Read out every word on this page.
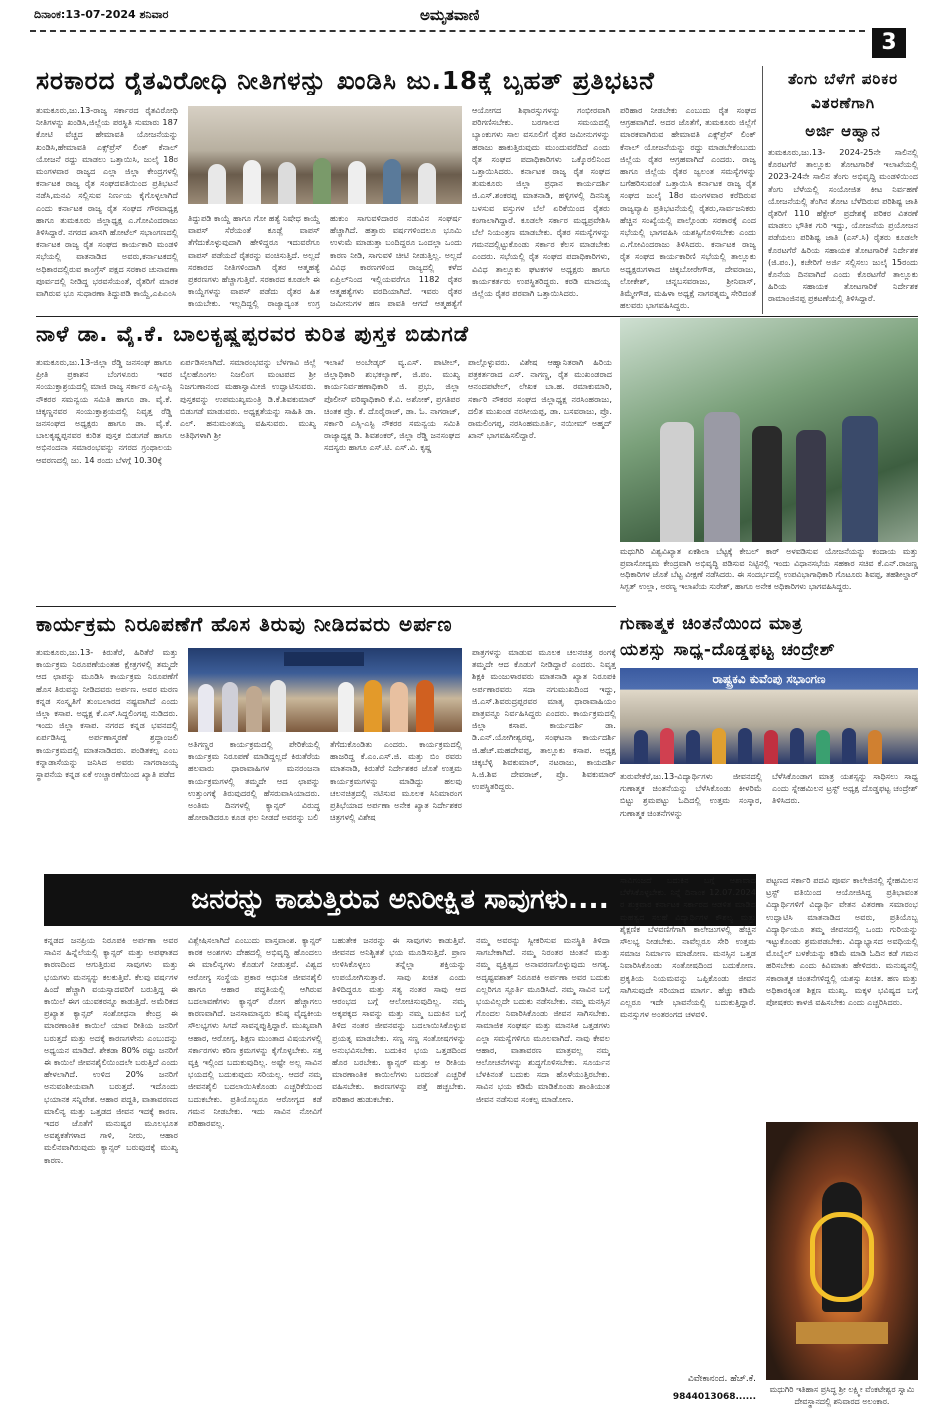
ದಿನಾಂಕ:13-07-2024 ಶನಿವಾರ	ಅಮೃತವಾಣಿ
3
ಸರಕಾರದ ರೈತವಿರೋಧಿ ನೀತಿಗಳನ್ನು ಖಂಡಿಸಿ ಜು.18ಕ್ಕೆ ಬೃಹತ್ ಪ್ರತಿಭಟನೆ
ತುಮಕೂರು,ಜು.13-ರಾಜ್ಯ ಸರ್ಕಾರದ ರೈತವಿರೋಧಿ ನೀತಿಗಳನ್ನು ಖಂಡಿಸಿ,ಜಿಲ್ಲೆಯ ಪರಸ್ಥಿತಿ ಸುಮಾರು 187 ಕೋಟಿ ವೆಚ್ಚದ ಹೇಮಾವತಿ ಯೋಜನೆಯನ್ನು ಖಂಡಿಸಿ,ಹೇಮಾವತಿ ಎಕ್ಸ್‌ಪ್ರೆಸ್ ಲಿಂಕ್ ಕೆನಾಲ್ ಯೋಜನೆ ರದ್ದು ಮಾಡಲು ಒತ್ತಾಯಿಸಿ, ಜುಲೈ 18ರ ಮಂಗಳವಾರ ರಾಜ್ಯದ ಎಲ್ಲಾ ಜಿಲ್ಲಾ ಕೇಂದ್ರಗಳಲ್ಲಿ ಕರ್ನಾಟಕ ರಾಜ್ಯ ರೈತ ಸಂಘದವತಿಯಿಂದ ಪ್ರತಿಭಟನೆ ನಡೆಸಿ,ಮನವಿ ಸಲ್ಲಿಸುವ ನಿರ್ಣಯ ಕೈಗೊಳ್ಳಲಾಗಿದೆ ಎಂದು ಕರ್ನಾಟಕ ರಾಜ್ಯ ರೈತ ಸಂಘದ ಗೌರವಾಧ್ಯಕ್ಷ ಹಾಗೂ ತುಮಕೂರು ಜಿಲ್ಲಾಧ್ಯಕ್ಷ ಎ.ಗೋವಿಂದರಾಜು ತಿಳಿಸಿದ್ದಾರೆ. ನಗರದ ಖಾಸಗಿ ಹೋಟೆಲ್ ಸಭಾಂಗಣದಲ್ಲಿ ಕರ್ನಾಟಕ ರಾಜ್ಯ ರೈತ ಸಂಘದ ಕಾರ್ಯಕಾರಿ ಮಂಡಳಿ ಸಭೆಯಲ್ಲಿ ವಾತನಾಡಿದ ಅವರು,ಕರ್ನಾಟಕದಲ್ಲಿ ಅಧಿಕಾರದಲ್ಲಿರುವ ಕಾಂಗ್ರೆಸ್ ಪಕ್ಷದ ಸರಕಾರ ಚುನಾವಣಾ ಪೂರ್ವದಲ್ಲಿ ನೀಡಿದ್ದ ಭರವಸೆಯಂತೆ, ರೈತರಿಗೆ ಮಾರಕ ವಾಗಿರುವ ಭೂ ಸುಧಾರಣಾ ತಿದ್ದುಪಡಿ ಕಾಯ್ದೆ,ಎಪಿಎಂಸಿ
ತಿದ್ದುಪಡಿ ಕಾಯ್ದೆ ಹಾಗೂ ಗೋ ಹತ್ಯೆ ನಿಷೇಧ ಕಾಯ್ದೆ ವಾಪಸ್ ಸೆರೆಯಂತೆ ಕೂಡ್ಲೆ ವಾಪಸ್ ತೆಗೆದುಕೊಳ್ಳುವುದಾಗಿ ಹೇಳಿದ್ದರೂ ಇದುವರೆಗೂ ವಾಪಸ್ ಪಡೆಯದೆ ರೈತರನ್ನು ವಂಚಿಸುತ್ತಿದೆ. ಅಲ್ಲದೆ ಸರಕಾರದ ನೀತಿಗಳಿಂದಾಗಿ ರೈತರ ಆತ್ಮಹತ್ಯೆ ಪ್ರಕರಣಗಳು ಹೆಚ್ಚಾಗುತ್ತಿವೆ. ಸರಕಾರದ ಕೂಡಲೇ ಈ ಕಾಯ್ದೆಗಳನ್ನು ವಾಪಸ್ ಪಡೆದು ರೈತರ ಹಿತ ಕಾಯಬೇಕು. ಇಲ್ಲದಿದ್ದಲ್ಲಿ ರಾಜ್ಯಾದ್ಯಂತ ಉಗ್ರ
ಹುಕುಂ ಸಾಗುವಳಿದಾರರ ನಡುವಿನ ಸಂಘರ್ಷ ಹೆಚ್ಚಾಗಿದೆ. ಹತ್ತಾರು ವರ್ಷಗಳಿಂದಲೂ ಭೂಮಿ ಉಳುಮೆ ಮಾಡುತ್ತಾ ಬಂದಿದ್ದರೂ ಒಂದಲ್ಲಾ ಒಂದು ಕಾರಣ ನೀಡಿ, ಸಾಗುವಳಿ ಚೀಟಿ ನೀಡುತ್ತಿಲ್ಲ. ಅಲ್ಲದೆ ವಿವಿಧ ಕಾರಣಗಳಿಂದ ರಾಜ್ಯದಲ್ಲಿ ಕಳೆದ ಏಪ್ರಿಲ್‌ನಿಂದ ಇಲ್ಲಿಯವರೆಗೂ 1182 ರೈತರ ಆತ್ಮಹತ್ಯೆಗಳು ವರದಿಯಾಗಿದೆ. ಇವರು ರೈತರ ಜಮೀನುಗಳ ಹಣ ಪಾವತಿ ಆಗದೆ ಆತ್ಮಹತ್ಯೆಗೆ
ಆಯೋಗದ ಶಿಫಾರಸ್ಸುಗಳನ್ನು ಗಂಭೀರವಾಗಿ ಪರಿಗಣಿಸಬೇಕು. ಬರಗಾಲದ ಸಮಯದಲ್ಲಿ ಬ್ಯಾಂಕುಗಳು ಸಾಲ ವಸೂಲಿಗೆ ರೈತರ ಜಮೀನುಗಳನ್ನು ಹರಾಜು ಹಾಕುತ್ತಿರುವುದು ಮುಂದುವರೆದಿದೆ ಎಂದು ರೈತ ಸಂಘದ ಪದಾಧಿಕಾರಿಗಳು ಒಕ್ಕೊರಲಿನಿಂದ ಒತ್ತಾಯಿಸಿದರು. ಕರ್ನಾಟಕ ರಾಜ್ಯ ರೈತ ಸಂಘದ ತುಮಕೂರು ಜಿಲ್ಲಾ ಪ್ರಧಾನ ಕಾರ್ಯದರ್ಶಿ ಜಿ.ಎಸ್.ಶಂಕರಪ್ಪ ಮಾತನಾಡಿ, ಹಳ್ಳಿಗಳಲ್ಲಿ ದಿನನಿತ್ಯ ಬಳಸುವ ವಸ್ತುಗಳ ಬೆಲೆ ಏರಿಕೆಯಿಂದ ರೈತರು ಕಂಗಾಲಾಗಿದ್ದಾರೆ. ಕೂಡಲೇ ಸರ್ಕಾರ ಮಧ್ಯಪ್ರವೇಶಿಸಿ ಬೆಲೆ ನಿಯಂತ್ರಣ ಮಾಡಬೇಕು. ರೈತರ ಸಮಸ್ಯೆಗಳನ್ನು ಗಮನದಲ್ಲಿಟ್ಟುಕೊಂಡು ಸರ್ಕಾರ ಕೆಲಸ ಮಾಡಬೇಕು ಎಂದರು. ಸಭೆಯಲ್ಲಿ ರೈತ ಸಂಘದ ಪದಾಧಿಕಾರಿಗಳು, ವಿವಿಧ ತಾಲ್ಲೂಕು ಘಟಕಗಳ ಅಧ್ಯಕ್ಷರು ಹಾಗೂ ಕಾರ್ಯಕರ್ತರು ಉಪಸ್ಥಿತರಿದ್ದರು. ಕರಡಿ ಮಾದಯ್ಯ ಜಿಲ್ಲೆಯ ರೈತರ ಪರವಾಗಿ ಒತ್ತಾಯಿಸಿದರು.
ಪರಿಹಾರ ನೀಡಬೇಕು ಎಂಬುದು ರೈತ ಸಂಘದ ಆಗ್ರಹವಾಗಿದೆ. ಅದರ ಜೊತೆಗೆ, ತುಮಕೂರು ಜಿಲ್ಲೆಗೆ ಮಾರಕವಾಗಿರುವ ಹೇಮಾವತಿ ಎಕ್ಸ್‌ಪ್ರೆಸ್ ಲಿಂಕ್ ಕೆನಾಲ್ ಯೋಜನೆಯನ್ನು ರದ್ದು ಮಾಡಬೇಕೆಂಬುದು ಜಿಲ್ಲೆಯ ರೈತರ ಆಗ್ರಹವಾಗಿದೆ ಎಂದರು. ರಾಜ್ಯ ಹಾಗೂ ಜಿಲ್ಲೆಯ ರೈತರ ಜ್ವಲಂತ ಸಮಸ್ಯೆಗಳನ್ನು ಬಗೆಹರಿಸುವಂತೆ ಒತ್ತಾಯಿಸಿ ಕರ್ನಾಟಕ ರಾಜ್ಯ ರೈತ ಸಂಘದ ಜುಲೈ 18ರ ಮಂಗಳವಾರ ಕರೆದಿರುವ ರಾಜ್ಯವ್ಯಾಪಿ ಪ್ರತಿಭಟನೆಯಲ್ಲಿ ರೈತರು,ಸಾರ್ವಜನಿಕರು ಹೆಚ್ಚಿನ ಸಂಖ್ಯೆಯಲ್ಲಿ ಪಾಲ್ಗೊಂಡು ಸರಕಾರಕ್ಕೆ ಎಂದ ಸಭೆಯಲ್ಲಿ ಭಾಗವಹಿಸಿ ಯಶಸ್ವಿಗೊಳಿಸಬೇಕು ಎಂದು ಎ.ಗೋವಿಂದರಾಜು ತಿಳಿಸಿದರು. ಕರ್ನಾಟಕ ರಾಜ್ಯ ರೈತ ಸಂಘದ ಕಾರ್ಯಕಾರಿಣಿ ಸಭೆಯಲ್ಲಿ ತಾಲ್ಲೂಕು ಅಧ್ಯಕ್ಷರುಗಳಾದ ಚಿಕ್ಕಬೋರೇಗೌಡ, ದೇವರಾಜು, ಲೋಕೇಶ್, ಚನ್ನಬಸವರಾಜು, ಶ್ರೀನಿವಾಸ್, ತಿಮ್ಮೇಗೌಡ, ಮಹಿಳಾ ಅಧ್ಯಕ್ಷೆ ನಾಗರತ್ನಮ್ಮ ಸೇರಿದಂತೆ ಹಲವರು ಭಾಗವಹಿಸಿದ್ದರು.
ತೆಂಗು ಬೆಳೆಗೆ ಪರಿಕರ
ವಿತರಣೆಗಾಗಿ
ಅರ್ಜಿ ಆಹ್ವಾನ
ತುಮಕೂರು,ಜು.13- 2024-25ನೇ ಸಾಲಿನಲ್ಲಿ ಕೊರಟಗೆರೆ ತಾಲ್ಲೂಕು ತೋಟಗಾರಿಕೆ ಇಲಾಖೆಯಲ್ಲಿ 2023-24ನೇ ಸಾಲಿನ ತೆಂಗು ಅಭಿವೃದ್ಧಿ ಮಂಡಳಿಯಿಂದ ತೆಂಗು ಬೆಳೆಯಲ್ಲಿ ಸಂಯೋಜಿತ ಕೀಟ ನಿರ್ವಹಣೆ ಯೋಜನೆಯಲ್ಲಿ ತೆಂಗಿನ ತೋಟ ಬೆಳೆದಿರುವ ಪರಿಶಿಷ್ಟ ಜಾತಿ ರೈತರಿಗೆ 110 ಹೆಕ್ಟೇರ್ ಪ್ರದೇಶಕ್ಕೆ ಪರಿಕರ ವಿತರಣೆ ಮಾಡಲು ಭೌತಿಕ ಗುರಿ ಇದ್ದು, ಯೋಜನೆಯ ಪ್ರಯೋಜನ ಪಡೆಯಲು ಪರಿಶಿಷ್ಟ ಜಾತಿ (ಎಸ್.ಸಿ) ರೈತರು ಕೂಡಲೇ ಕೊರಟಗೆರೆ ಹಿರಿಯ ಸಹಾಯಕ ತೋಟಗಾರಿಕೆ ನಿರ್ದೇಶಕ (ಜಿ.ಪಂ.), ಕಚೇರಿಗೆ ಅರ್ಜಿ ಸಲ್ಲಿಸಲು ಜುಲೈ 15ರಂದು ಕೊನೆಯ ದಿನವಾಗಿದೆ ಎಂದು ಕೊರಟಗೆರೆ ತಾಲ್ಲೂಕು ಹಿರಿಯ ಸಹಾಯಕ ತೋಟಗಾರಿಕೆ ನಿರ್ದೇಶಕ ರಾಮಾಂಜಿನಪ್ಪ ಪ್ರಕಟಣೆಯಲ್ಲಿ ತಿಳಿಸಿದ್ದಾರೆ.
ನಾಳೆ ಡಾ. ವೈ.ಕೆ. ಬಾಲಕೃಷ್ಣಪ್ಪರವರ ಕುರಿತ ಪುಸ್ತಕ ಬಿಡುಗಡೆ
ತುಮಕೂರು,ಜು.13-ಜಿಲ್ಲಾ ರೆಡ್ಡಿ ಜನಸಂಘ ಹಾಗೂ ಪ್ರೀತಿ ಪ್ರಕಾಶನ ಬೆಂಗಳೂರು ಇವರ ಸಂಯುಕ್ತಾಶ್ರಯದಲ್ಲಿ ಮಾಜಿ ರಾಜ್ಯ ಸರ್ಕಾರ ಎಸ್ಸಿ-ಎಸ್ಟಿ ನೌಕರರ ಸಮನ್ವಯ ಸಮಿತಿ ಹಾಗೂ ಡಾ. ವೈ.ಕೆ. ಚಿಕ್ಕಣ್ಣನವರ ಸಂಯುಕ್ತಾಶ್ರಯದಲ್ಲಿ ನಿವೃತ್ತ ರೆಡ್ಡಿ ಜನಸಂಘದ ಅಧ್ಯಕ್ಷರು ಹಾಗೂ ಡಾ. ವೈ.ಕೆ. ಬಾಲಕೃಷ್ಣಪ್ಪನವರ ಕುರಿತ ಪುಸ್ತಕ ಬಿಡುಗಡೆ ಹಾಗೂ ಅಭಿನಂದನಾ ಸಮಾರಂಭವನ್ನು ನಗರದ ಗ್ರಂಥಾಲಯ ಆವರಣದಲ್ಲಿ ಜು. 14 ರಂದು ಬೆಳಗ್ಗೆ 10.30ಕ್ಕೆ
ಏರ್ಪಡಿಸಲಾಗಿದೆ. ಸಮಾರಂಭವನ್ನು ಬೆಳಗಾವಿ ಜಿಲ್ಲೆ ಬೈಲಹೊಂಗಲ ನಿಜಲಿಂಗ ಮಂಟಪದ ಶ್ರೀ ನಿಜಗುಣಾನಂದ ಮಹಾಸ್ವಾಮೀಜಿ ಉದ್ಘಾಟಿಸುವರು. ಪುಸ್ತಕವನ್ನು ಉಪಮುಖ್ಯಮಂತ್ರಿ ಡಿ.ಕೆ.ಶಿವಕುಮಾರ್ ಬಿಡುಗಡೆ ಮಾಡುವರು. ಅಧ್ಯಕ್ಷತೆಯನ್ನು ಸಾಹಿತಿ ಡಾ. ಎಲ್. ಹನುಮಂತಯ್ಯ ವಹಿಸುವರು. ಮುಖ್ಯ ಅತಿಥಿಗಳಾಗಿ ಶ್ರೀ
ಇಲಾಖೆ ಅಂಬೇಡ್ಕರ್ ವ್ಯ.ಎಸ್. ಪಾಟೀಲ್, ಜಿಲ್ಲಾಧಿಕಾರಿ ಶುಭಕಲ್ಯಾಣ್, ಜಿ.ಪಂ. ಮುಖ್ಯ ಕಾರ್ಯನಿರ್ವಹಣಾಧಿಕಾರಿ ಜಿ. ಪ್ರಭು, ಜಿಲ್ಲಾ ಪೊಲೀಸ್ ವರಿಷ್ಠಾಧಿಕಾರಿ ಕೆ.ವಿ. ಅಶೋಕ್, ಪ್ರಗತಿಪರ ಚಿಂತಕ ಪ್ರೊ. ಕೆ. ದೊರೈರಾಜ್, ಡಾ. ಓ. ನಾಗರಾಜ್, ಸರ್ಕಾರಿ ಎಸ್ಸಿ-ಎಸ್ಟಿ ನೌಕರರ ಸಮನ್ವಯ ಸಮಿತಿ ರಾಜ್ಯಾಧ್ಯಕ್ಷ ಡಿ. ಶಿವಶಂಕರ್, ಜಿಲ್ಲಾ ರೆಡ್ಡಿ ಜನಸಂಘದ ಸದಸ್ಯರು ಹಾಗೂ ಎಸ್.ಟಿ. ಎಸ್.ವಿ. ಕೃಷ್ಣ
ಪಾಲ್ಗೊಳ್ಳುವರು. ವಿಶೇಷ ಆಹ್ವಾನಿತರಾಗಿ ಹಿರಿಯ ಪತ್ರಕರ್ತರಾದ ಎಸ್. ನಾಗಣ್ಣ, ರೈತ ಮುಖಂಡರಾದ ಆನಂದಪಟೇಲ್, ಲೇಖಕ ಬಾ.ಹ. ರಮಾಕುಮಾರಿ, ಸರ್ಕಾರಿ ನೌಕರರ ಸಂಘದ ಜಿಲ್ಲಾಧ್ಯಕ್ಷ ನರಸಿಂಹರಾಜು, ದಲಿತ ಮುಖಂಡ ನರಸೀಯಪ್ಪ, ಡಾ. ಬಸವರಾಜು, ಪ್ರೊ. ರಾಮಲಿಂಗಪ್ಪ, ನರಸಿಂಹಮೂರ್ತಿ, ನಯೀಮ್ ಅಹ್ಮದ್ ಖಾನ್ ಭಾಗವಹಿಸಲಿದ್ದಾರೆ.
ಮಧುಗಿರಿ ವಿಶ್ವವಿಖ್ಯಾತ ಏಕಶಿಲಾ ಬೆಟ್ಟಕ್ಕೆ ಕೇಬಲ್ ಕಾರ್ ಅಳವಡಿಸುವ ಯೋಜನೆಯನ್ನು ಕಂದಾಯ ಮತ್ತು ಪ್ರವಾಸೋದ್ಯಮ ಕೇಂದ್ರವಾಗಿ ಅಭಿವೃದ್ಧಿ ಪಡಿಸುವ ನಿಟ್ಟಿನಲ್ಲಿ ಇಂದು ವಿಧಾನಸಭೆಯ ಸಹಕಾರ ಸಚಿವ ಕೆ.ಎನ್.ರಾಜಣ್ಣ ಅಧಿಕಾರಿಗಳ ಜೊತೆ ಬೆಟ್ಟ ವೀಕ್ಷಣೆ ನಡೆಸಿದರು. ಈ ಸಂದರ್ಭದಲ್ಲಿ ಉಪವಿಭಾಗಾಧಿಕಾರಿ ಗೊಟೂರು ಶಿವಪ್ಪ, ತಹಶೀಲ್ದಾರ್ ಸಿಗ್ಬತ್ ಉಲ್ಲಾ, ಅರಣ್ಯ ಇಲಾಖೆಯ ಸುರೇಶ್, ಹಾಗೂ ಅನೇಕ ಅಧಿಕಾರಿಗಳು ಭಾಗವಹಿಸಿದ್ದರು.
ಕಾರ್ಯಕ್ರಮ ನಿರೂಪಣೆಗೆ ಹೊಸ ತಿರುವು ನೀಡಿದವರು ಅರ್ಪಣ
ತುಮಕೂರು,ಜು.13- ಕಿರುತೆರೆ, ಹಿರಿತೆರೆ ಮತ್ತು ಕಾರ್ಯಕ್ರಮ ನಿರೂಪಣೆಯಂತಹ ಕ್ಷೇತ್ರಗಳಲ್ಲಿ ತಮ್ಮದೇ ಆದ ಛಾಪನ್ನು ಮೂಡಿಸಿ ಕಾರ್ಯಕ್ರಮ ನಿರೂಪಣೆಗೆ ಹೊಸ ತಿರುವನ್ನು ನೀಡಿದವರು ಅರ್ಪಣ. ಅವರ ಮರಣ ಕನ್ನಡ ಸಂಸ್ಕೃತಿಗೆ ತುಂಬಲಾರದ ನಷ್ಟವಾಗಿದೆ ಎಂದು ಜಿಲ್ಲಾ ಕಸಾಪ. ಅಧ್ಯಕ್ಷ ಕೆ.ಎಸ್.ಸಿದ್ದಲಿಂಗಪ್ಪ ನುಡಿದರು. ಇಂದು ಜಿಲ್ಲಾ ಕಸಾಪ. ನಗರದ ಕನ್ನಡ ಭವನದಲ್ಲಿ ಏರ್ಪಡಿಸಿದ್ದ ಅರ್ಪಣಾಸ್ಮರಣೆ ಶ್ರದ್ಧಾಂಜಲಿ ಕಾರ್ಯಕ್ರಮದಲ್ಲಿ ಮಾತನಾಡಿದರು. ಪಂಡಿತಕಲ್ಪ ಎಂಬ ಕನ್ನಾಡಾಸೆಯನ್ನು ಜನಿಸಿದ ಅವರು ನಾಗರಾಜಯ್ಯ ಸ್ಥಾಪನೆಯ ಕನ್ನಡ ಏಕೆ ಉಚ್ಚಾರಣೆಯಿಂದ ಖ್ಯಾತಿ ಪಡೆದ
ಅತಿಗಣ್ಣರ ಕಾರ್ಯಕ್ರಮದಲ್ಲಿ ಪೇರಿಕೆಯಲ್ಲಿ ಕಾರ್ಯಕ್ರಮ ನಿರೂಪಣೆ ಮಾಡಿದ್ದಲ್ಲದೆ ಕಿರುತೆರೆಯ ಹಲವಾರು ಧಾರಾವಾಹಿಗಳ ಮನರಂಜನಾ ಕಾರ್ಯಕ್ರಮಗಳಲ್ಲಿ ತಮ್ಮದೇ ಆದ ಛಾಪನ್ನು ಉತ್ತುಂಗಕ್ಕೆ ತಿರುವುದರಲ್ಲಿ ಹೆಸರುವಾಸಿಯಾದರು. ಅಂತಿಮ ದಿನಗಳಲ್ಲಿ ಕ್ಯಾನ್ಸರ್ ವಿರುದ್ಧ ಹೋರಾಡಿದರೂ ಕೂಡ ಫಲ ನೀಡದೆ ಅವರನ್ನು ಬಲಿ
ತೆಗೆದುಕೊಂಡಿತು ಎಂದರು. ಕಾರ್ಯಕ್ರಮದಲ್ಲಿ ಹಾಜರಿದ್ದ ಕೆ.ಎಂ.ಎಸ್.ಜಿ. ಮತ್ತು ಬಿಂ ರವರು ಮಾತನಾಡಿ, ಕಿರುತೆರೆ ನಿರ್ದೇಶಕರ ಜೊತೆ ಉತ್ತಮ ಕಾರ್ಯಕ್ರಮಗಳನ್ನು ಮಾಡಿದ್ದು ಹಲವು ಚಲನಚಿತ್ರದಲ್ಲಿ ನಟಿಸುವ ಮೂಲಕ ಸಿನಿಮಾರಂಗ ಪ್ರತಿಭೆಯಾದ ಅರ್ಪಣಾ ಅನೇಕ ಖ್ಯಾತ ನಿರ್ದೇಶಕರ ಚಿತ್ರಗಳಲ್ಲಿ ವಿಶೇಷ
ಪಾತ್ರಗಳನ್ನು ಮಾಡುವ ಮೂಲಕ ಚಲನಚಿತ್ರ ರಂಗಕ್ಕೆ ತಮ್ಮದೇ ಆದ ಕೊಡುಗೆ ನೀಡಿದ್ದಾರೆ ಎಂದರು. ನಿವೃತ್ತ ಶಿಕ್ಷಕಿ ಮಂಜುಳಾರವರು ಮಾತನಾಡಿ ಖ್ಯಾತ ನಿರೂಪಕಿ ಅರ್ಪಣಾರವರು ಸದಾ ನಗುಮುಖದಿಂದ ಇದ್ದು, ಜಿ.ಎಸ್.ಶಿವರುದ್ರಪ್ಪರವರ ಮಾತೃ ಧಾರಾವಾಹಿಯಂ ಪಾತ್ರವನ್ನೂ ನಿರ್ವಹಿಸಿದ್ದರು ಎಂದರು. ಕಾರ್ಯಕ್ರಮದಲ್ಲಿ ಜಿಲ್ಲಾ ಕಸಾಪ. ಕಾರ್ಯದರ್ಶಿ ಡಾ. ಡಿ.ಎನ್.ಯೋಗೀಶ್ವರಪ್ಪ, ಸಂಘಟನಾ ಕಾರ್ಯದರ್ಶಿ ಜಿ.ಹೆಚ್.ಮಹದೇವಪ್ಪ, ತಾಲ್ಲೂಕು ಕಸಾಪ. ಅಧ್ಯಕ್ಷ ಚಿಕ್ಕಬೆಳ್ಳಿ ಶಿವಕುಮಾರ್, ನಟರಾಜು, ಕಾಯದರ್ಶಿ ಸಿ.ಜಿ.ಶಿವ ದೇವರಾಜ್, ಪ್ರೊ. ಶಿವಕುಮಾರ್ ಉಪಸ್ಥಿತರಿದ್ದರು.
ಗುಣಾತ್ಮಕ ಚಿಂತನೆಯಿಂದ ಮಾತ್ರ
ಯಶಸ್ಸು ಸಾಧ್ಯ-ದೊಡ್ಡಫಟ್ಟ ಚಂದ್ರೇಶ್
ರಾಷ್ಟ್ರಕವಿ ಕುವೆಂಪು ಸಭಾಂಗಣ
ತುರುವೇಕೆರೆ,ಜು.13-ವಿದ್ಯಾರ್ಥಿಗಳು ಜೀವನದಲ್ಲಿ ಗುಣಾತ್ಮಕ ಚಿಂತನೆಯನ್ನು ಬೆಳೆಸಿಕೊಂಡು ಕೀಳರಿಮೆ ಬಿಟ್ಟು ಶ್ರಮಪಟ್ಟು ಓದಿದಲ್ಲಿ ಉತ್ತಮ ಸಂಸ್ಕಾರ, ಗುಣಾತ್ಮಕ ಚಿಂತನೆಗಳನ್ನು
ಬೆಳೆಸಿಕೊಂಡಾಗ ಮಾತ್ರ ಯಶಸ್ಸನ್ನು ಸಾಧಿಸಲು ಸಾಧ್ಯ ಎಂದು ಸ್ನೇಹಮಿಲನ ಟ್ರಸ್ಟ್ ಅಧ್ಯಕ್ಷ ದೊಡ್ಡಫಟ್ಟ ಚಂದ್ರೇಶ್ ತಿಳಿಸಿದರು.
ಜನರನ್ನು ಕಾಡುತ್ತಿರುವ ಅನಿರೀಕ್ಷಿತ ಸಾವುಗಳು....
ಕನ್ನಡದ ಜನಪ್ರಿಯ ನಿರೂಪಕಿ ಅರ್ಪಣಾ ಅವರ ಸಾವಿನ ಹಿನ್ನೆಲೆಯಲ್ಲಿ ಕ್ಯಾನ್ಸರ್ ಮತ್ತು ಅಪಘಾತದ ಕಾರಣದಿಂದ ಆಗುತ್ತಿರುವ ಸಾವುಗಳು ಮತ್ತು ಭಯಗಳು ಮನಸ್ಸನ್ನು ಕಲಕುತ್ತಿವೆ. ಕೆಲವು ವರ್ಷಗಳ ಹಿಂದೆ ಹೆಚ್ಚಾಗಿ ವಯಸ್ಸಾದವರಿಗೆ ಬರುತ್ತಿದ್ದ ಈ ಕಾಯಿಲೆ ಈಗ ಯುವಕರನ್ನೂ ಕಾಡುತ್ತಿದೆ. ಅಮೆರಿಕದ ಪ್ರಖ್ಯಾತ ಕ್ಯಾನ್ಸರ್ ಸಂಶೋಧನಾ ಕೇಂದ್ರ ಈ ಮಾರಣಾಂತಿಕ ಕಾಯಿಲೆ ಯಾವ ರೀತಿಯ ಜನರಿಗೆ ಬರುತ್ತದೆ ಮತ್ತು ಅದಕ್ಕೆ ಕಾರಣಗಳೇನು ಎಂಬುದನ್ನು ಅಧ್ಯಯನ ಮಾಡಿದೆ. ಶೇಕಡಾ 80% ರಷ್ಟು ಜನರಿಗೆ ಈ ಕಾಯಿಲೆ ಜೀವನಶೈಲಿಯಿಂದಲೇ ಬರುತ್ತಿದೆ ಎಂದು ಹೇಳಲಾಗಿದೆ. ಉಳಿದ 20% ಜನರಿಗೆ ಅನುವಂಶೀಯವಾಗಿ ಬರುತ್ತದೆ. ಇದೊಂದು ಭಯಾನಕ ಸನ್ನಿವೇಶ. ಆಹಾರ ಪದ್ದತಿ, ವಾತಾವರಣದ ಮಾಲಿನ್ಯ ಮತ್ತು ಒತ್ತಡದ ಜೀವನ ಇದಕ್ಕೆ ಕಾರಣ. ಇದರ ಜೊತೆಗೆ ಮನುಷ್ಯರ ಮೂಲಭೂತ ಅವಶ್ಯಕತೆಗಳಾದ ಗಾಳಿ, ನೀರು, ಆಹಾರ ಮಲಿನವಾಗಿರುವುದು ಕ್ಯಾನ್ಸರ್ ಬರುವುದಕ್ಕೆ ಮುಖ್ಯ ಕಾರಣ.
ವಿಶ್ಲೇಷಿಸಲಾಗಿದೆ ಎಂಬುದು ವಾಸ್ತವಾಂಶ. ಕ್ಯಾನ್ಸರ್ ಕಾರಕ ಅಂಶಗಳು ದೇಹದಲ್ಲಿ ಅಭಿವೃದ್ಧಿ ಹೊಂದಲು ಈ ಮಾಲಿನ್ಯಗಳು ಕೊಡುಗೆ ನೀಡುತ್ತವೆ. ವಿಶ್ವದ ಆರೋಗ್ಯ ಸಂಸ್ಥೆಯ ಪ್ರಕಾರ ಆಧುನಿಕ ಜೀವನಶೈಲಿ ಹಾಗೂ ಆಹಾರ ಪದ್ಧತಿಯಲ್ಲಿ ಆಗಿರುವ ಬದಲಾವಣೆಗಳು ಕ್ಯಾನ್ಸರ್ ರೋಗ ಹೆಚ್ಚಾಗಲು ಕಾರಣವಾಗಿದೆ. ಜನಸಾಮಾನ್ಯರು ಕನಿಷ್ಠ ವೈದ್ಯಕೀಯ ಸೌಲಭ್ಯಗಳು ಸಿಗದೆ ಸಾವನ್ನಪ್ಪುತ್ತಿದ್ದಾರೆ. ಮುಖ್ಯವಾಗಿ ಆಹಾರ, ಆರೋಗ್ಯ, ಶಿಕ್ಷಣ ಮುಂತಾದ ವಿಷಯಗಳಲ್ಲಿ ಸರ್ಕಾರಗಳು ಕಠಿಣ ಕ್ರಮಗಳನ್ನು ಕೈಗೊಳ್ಳಬೇಕು. ಸತ್ತ ವ್ಯಕ್ತಿ ಇಲ್ಲಿಂದ ಬದುಕುವುದಿಲ್ಲ. ಅಷ್ಟೇ ಅಲ್ಲ ಸಾವಿನ ಭಯದಲ್ಲಿ ಬದುಕುವುದು ಸರಿಯಲ್ಲ. ಆದರೆ ನಮ್ಮ ಜೀವನಶೈಲಿ ಬದಲಾಯಿಸಿಕೊಂಡು ಎಚ್ಚರಿಕೆಯಿಂದ ಬದುಕಬೇಕು. ಪ್ರತಿಯೊಬ್ಬರೂ ಆರೋಗ್ಯದ ಕಡೆ ಗಮನ ನೀಡಬೇಕು. ಇದು ಸಾವಿನ ನೋವಿಗೆ ಪರಿಹಾರವಲ್ಲ.
ಬಹುತೇಕ ಜನರನ್ನು ಈ ಸಾವುಗಳು ಕಾಡುತ್ತಿವೆ. ಜೀವನದ ಅನಿಶ್ಚಿತತೆ ಭಯ ಮೂಡಿಸುತ್ತಿದೆ. ಪ್ರಾಣ ಉಳಿಸಿಕೊಳ್ಳಲು ತನ್ನೆಲ್ಲಾ ಶಕ್ತಿಯನ್ನು ಉಪಯೋಗಿಸುತ್ತಾರೆ. ಸಾವು ಖಚಿತ ಎಂದು ತಿಳಿದಿದ್ದರೂ ಮತ್ತು ಸತ್ಯ ನಂತರ ಸಾವು ಆದ ಆರಂಭದ ಬಗ್ಗೆ ಆಲೋಚಿಸುವುದಿಲ್ಲ. ನಮ್ಮ ಅಕ್ಕಪಕ್ಕದ ಸಾವನ್ನು ಮತ್ತು ನಮ್ಮ ಬದುಕಿನ ಬಗ್ಗೆ ತಿಳಿದ ನಂತರ ಜೀವನವನ್ನು ಬದಲಾಯಿಸಿಕೊಳ್ಳುವ ಪ್ರಯತ್ನ ಮಾಡಬೇಕು. ಸಣ್ಣ ಸಣ್ಣ ಸಂತೋಷಗಳನ್ನು ಅನುಭವಿಸಬೇಕು. ಬದುಕಿನ ಭಯ ಒತ್ತಡದಿಂದ ಹೊರ ಬರಬೇಕು. ಕ್ಯಾನ್ಸರ್ ಮತ್ತು ಆ ರೀತಿಯ ಮಾರಣಾಂತಿಕ ಕಾಯಿಲೆಗಳು ಬರದಂತೆ ಎಚ್ಚರಿಕೆ ವಹಿಸಬೇಕು. ಕಾರಣಗಳನ್ನು ಪತ್ತೆ ಹಚ್ಚಬೇಕು. ಪರಿಹಾರ ಹುಡುಕಬೇಕು.
ನಮ್ಮ ಅವರನ್ನು ಸ್ವೀಕರಿಸುವ ಮನಸ್ಥಿತಿ ತಿಳಿದಾ ಸಾಗಬೇಕಾಗಿದೆ. ನಮ್ಮ ನಿರಂತರ ಚಿಂತನೆ ಮತ್ತು ನಮ್ಮ ವ್ಯಕ್ತಿತ್ವದ ಅನಾವರಣಗೊಳ್ಳುವುದು ಅಗತ್ಯ. ಅದೃಷ್ಟವಶಾತ್ ನಿರೂಪಕಿ ಅರ್ಪಣಾ ಅವರ ಬದುಕು ಎಲ್ಲರಿಗೂ ಸ್ಪೂರ್ತಿ ಮೂಡಿಸಿದೆ. ನಮ್ಮ ಸಾವಿನ ಬಗ್ಗೆ ಭಯವಿಲ್ಲದೇ ಬದುಕು ನಡೆಸಬೇಕು. ನಮ್ಮ ಮನಸ್ಸಿನ ಗೊಂದಲ ನಿವಾರಿಸಿಕೊಂಡು ಜೀವನ ಸಾಗಿಸಬೇಕು. ಸಾಮಾಜಿಕ ಸಂಘರ್ಷ ಮತ್ತು ಮಾನಸಿಕ ಒತ್ತಡಗಳು ಎಲ್ಲಾ ಸಮಸ್ಯೆಗಳಿಗೂ ಮೂಲವಾಗಿದೆ. ನಾವು ಕೇವಲ ಆಹಾರ, ವಾತಾವರಣ ಮಾತ್ರವಲ್ಲ ನಮ್ಮ ಆಲೋಚನೆಗಳನ್ನು ಶುದ್ಧಗೊಳಿಸಬೇಕು. ಸೂರ್ಯನ ಬೆಳಕಿನಂತೆ ಬದುಕು ಸದಾ ಹೊಳೆಯುತ್ತಿರಬೇಕು. ಸಾವಿನ ಭಯ ಕಡಿಮೆ ಮಾಡಿಕೊಂಡು ಶಾಂತಿಯುತ ಜೀವನ ನಡೆಸುವ ಸಂಕಲ್ಪ ಮಾಡೋಣ.
ಸಾವಿಗಂಜದೆ ಬದುಕಿನ ಬಗ್ಗೆ ಆಶಾವಾದ ಬೆಳೆಸಿಕೊಳ್ಳಬೇಕು. ನಿನ್ನೆ ದಿನಾಂಕ 12.07.2024 ರ ಶುಕ್ರವಾರ ಕರ್ನಾಟಕ ಸರ್ಕಾರದ ಆಡಳಿತ ಮಾಡಿದ ಮಹತ್ವದ ಸಲಹೆ ವಿದ್ಯಾರ್ಥಿಗಳ ಕೌಶಲ್ಯ ಮತ್ತು ಶೈಕ್ಷಣಿಕ ಬೆಳವಣಿಗೆಗಾಗಿ ಕಾಲೇಜುಗಳಲ್ಲಿ ಹೆಚ್ಚಿನ ಸೌಲಭ್ಯ ನೀಡಬೇಕು. ನಾವೆಲ್ಲರೂ ಸೇರಿ ಉತ್ತಮ ಸಮಾಜ ನಿರ್ಮಾಣ ಮಾಡೋಣ. ಮನಸ್ಸಿನ ಒತ್ತಡ ನಿವಾರಿಸಿಕೊಂಡು ಸಂತೋಷದಿಂದ ಬದುಕೋಣ. ಪ್ರಕೃತಿಯ ನಿಯಮವನ್ನು ಒಪ್ಪಿಕೊಂಡು ಜೀವನ ಸಾಗಿಸುವುದೇ ಸರಿಯಾದ ಮಾರ್ಗ. ಹೆಚ್ಚು ಕಡಿಮೆ ಎಲ್ಲರೂ ಇದೇ ಭಾವನೆಯಲ್ಲಿ ಬದುಕುತ್ತಿದ್ದಾರೆ. ಮನಸ್ಸುಗಳ ಅಂತರಂಗದ ಚಳವಳಿ.
ವಿವೇಕಾನಂದ. ಹೆಚ್.ಕೆ.
9844013068......
ಪಟ್ಟಣದ ಸರ್ಕಾರಿ ಪದವಿ ಪೂರ್ವ ಕಾಲೇಜಿನಲ್ಲಿ ಸ್ನೇಹಮಿಲನ ಟ್ರಸ್ಟ್ ವತಿಯಿಂದ ಆಯೋಜಿಸಿದ್ದ ಪ್ರತಿಭಾವಂತ ವಿದ್ಯಾರ್ಥಿಗಳಿಗೆ ವಿದ್ಯಾರ್ಥಿ ವೇತನ ವಿತರಣಾ ಸಮಾರಂಭ ಉದ್ಘಾಟಿಸಿ ಮಾತನಾಡಿದ ಅವರು, ಪ್ರತಿಯೊಬ್ಬ ವಿದ್ಯಾರ್ಥಿಯೂ ತಮ್ಮ ಜೀವನದಲ್ಲಿ ಒಂದು ಗುರಿಯನ್ನು ಇಟ್ಟುಕೊಂಡು ಶ್ರಮಪಡಬೇಕು. ವಿದ್ಯಾಭ್ಯಾಸದ ಅವಧಿಯಲ್ಲಿ ಮೊಬೈಲ್ ಬಳಕೆಯನ್ನು ಕಡಿಮೆ ಮಾಡಿ ಓದಿನ ಕಡೆ ಗಮನ ಹರಿಸಬೇಕು ಎಂದು ಕಿವಿಮಾತು ಹೇಳಿದರು. ಮನುಷ್ಯನಲ್ಲಿ ಸಕಾರಾತ್ಮಕ ಚಿಂತನೆಗಳಿದ್ದಲ್ಲಿ ಯಶಸ್ಸು ಖಚಿತ. ಹಣ ಮತ್ತು ಅಧಿಕಾರಕ್ಕಿಂತ ಶಿಕ್ಷಣ ಮುಖ್ಯ. ಮಕ್ಕಳ ಭವಿಷ್ಯದ ಬಗ್ಗೆ ಪೋಷಕರು ಕಾಳಜಿ ವಹಿಸಬೇಕು ಎಂದು ಎಚ್ಚರಿಸಿದರು.
ಮಧುಗಿರಿ ಇತಿಹಾಸ ಪ್ರಸಿದ್ಧ ಶ್ರೀ ಲಕ್ಷ್ಮೀ ವೆಂಕಟೇಶ್ವರ ಸ್ವಾಮಿ ದೇವಸ್ಥಾನದಲ್ಲಿ ಶನಿವಾರದ ಅಲಂಕಾರ.
